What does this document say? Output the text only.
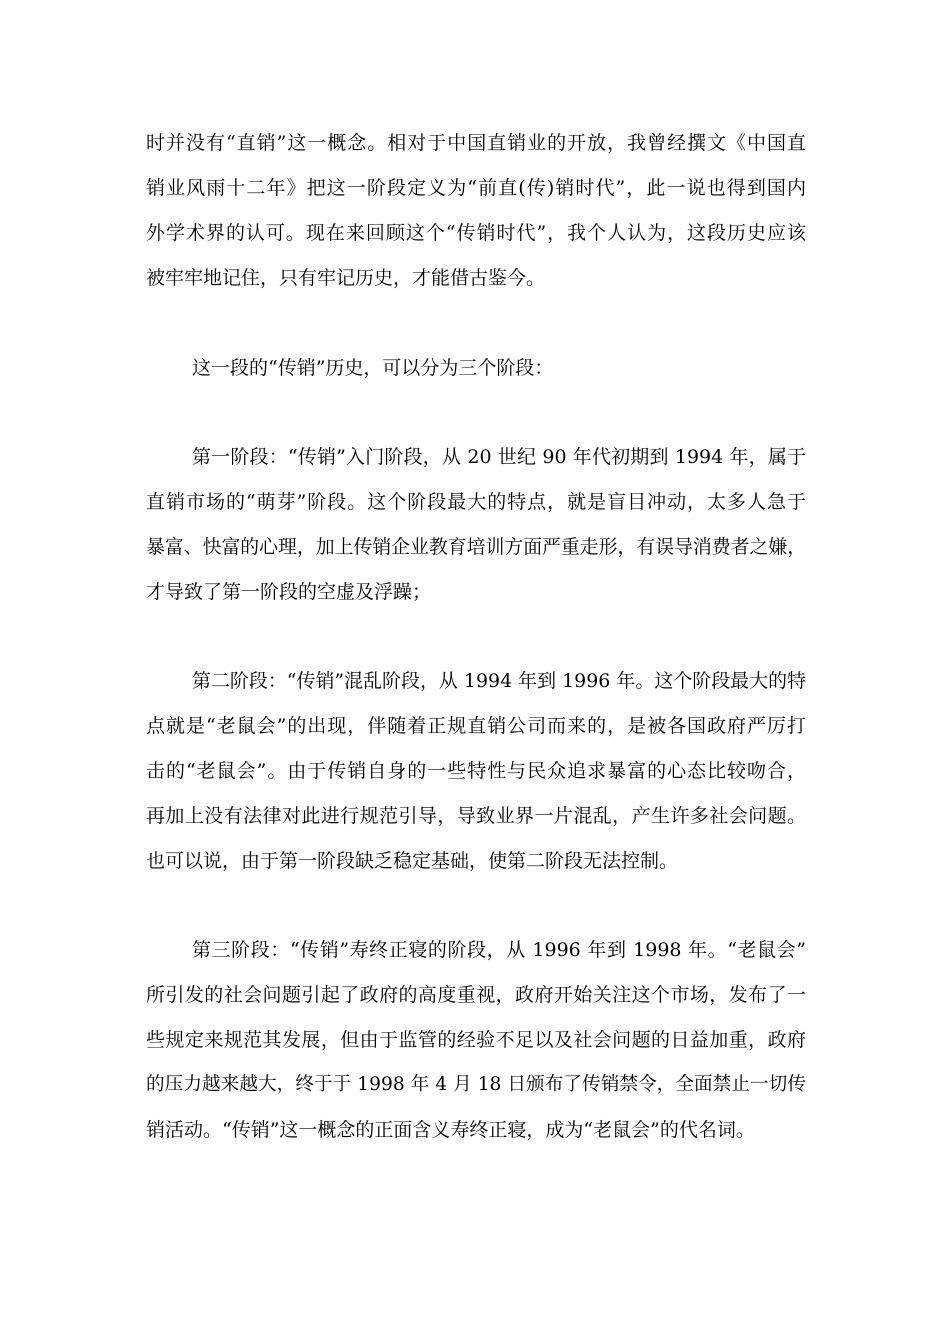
时并没有“直销”这一概念。相对于中国直销业的开放，我曾经撰文《中国直
销业风雨十二年》把这一阶段定义为“前直(传)销时代”，此一说也得到国内
外学术界的认可。现在来回顾这个“传销时代”，我个人认为，这段历史应该
被牢牢地记住，只有牢记历史，才能借古鉴今。
这一段的“传销”历史，可以分为三个阶段：
第一阶段：“传销”入门阶段，从 20 世纪 90 年代初期到 1994 年，属于
直销市场的“萌芽”阶段。这个阶段最大的特点，就是盲目冲动，太多人急于
暴富、快富的心理，加上传销企业教育培训方面严重走形，有误导消费者之嫌，
才导致了第一阶段的空虚及浮躁；
第二阶段：“传销”混乱阶段，从 1994 年到 1996 年。这个阶段最大的特
点就是“老鼠会”的出现，伴随着正规直销公司而来的，是被各国政府严厉打
击的“老鼠会”。由于传销自身的一些特性与民众追求暴富的心态比较吻合，
再加上没有法律对此进行规范引导，导致业界一片混乱，产生许多社会问题。
也可以说，由于第一阶段缺乏稳定基础，使第二阶段无法控制。
第三阶段：“传销”寿终正寝的阶段，从 1996 年到 1998 年。“老鼠会”
所引发的社会问题引起了政府的高度重视，政府开始关注这个市场，发布了一
些规定来规范其发展，但由于监管的经验不足以及社会问题的日益加重，政府
的压力越来越大，终于于 1998 年 4 月 18 日颁布了传销禁令，全面禁止一切传
销活动。“传销”这一概念的正面含义寿终正寝，成为“老鼠会”的代名词。
